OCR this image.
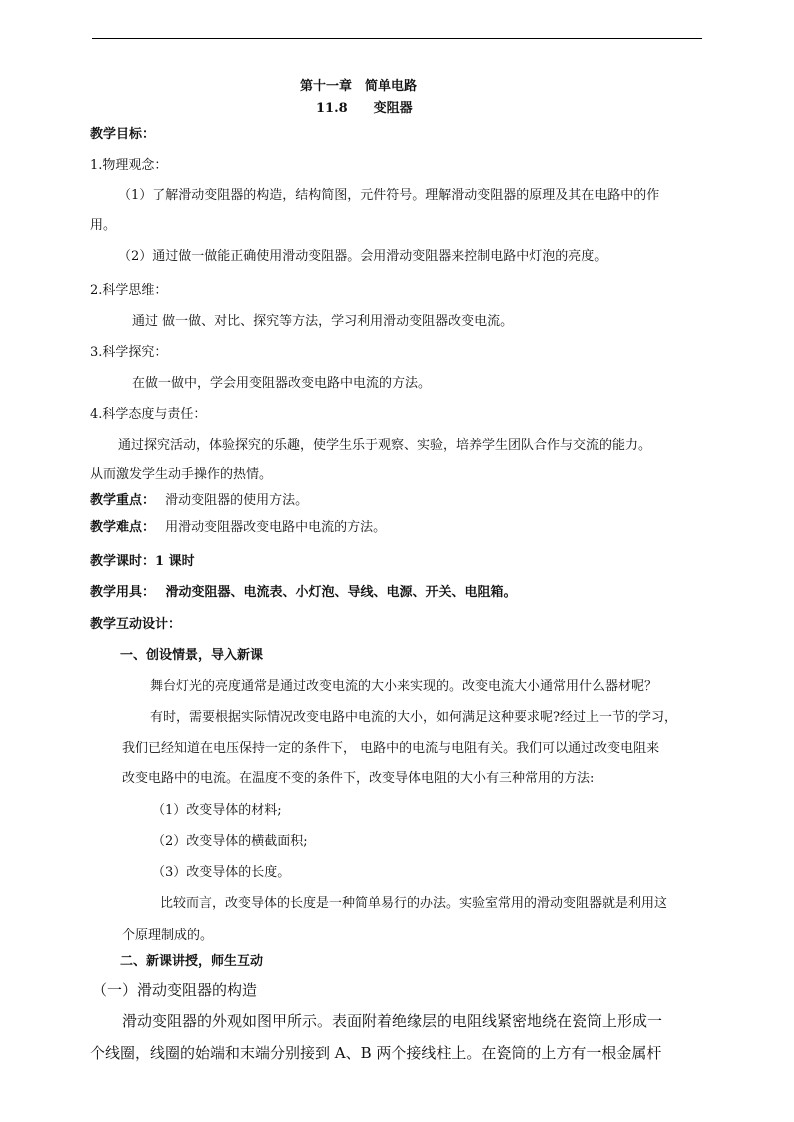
第十一章　简单电路
11.8　　变阻器
教学目标：
1.物理观念：
（1）了解滑动变阻器的构造，结构简图，元件符号。理解滑动变阻器的原理及其在电路中的作
用。
（2）通过做一做能正确使用滑动变阻器。会用滑动变阻器来控制电路中灯泡的亮度。
2.科学思维：
通过 做一做、对比、探究等方法，学习利用滑动变阻器改变电流。
3.科学探究：
在做一做中，学会用变阻器改变电路中电流的方法。
4.科学态度与责任：
通过探究活动，体验探究的乐趣，使学生乐于观察、实验，培养学生团队合作与交流的能力。
从而激发学生动手操作的热情。
教学重点： 滑动变阻器的使用方法。
教学难点： 用滑动变阻器改变电路中电流的方法。
教学课时：1 课时
教学用具： 滑动变阻器、电流表、小灯泡、导线、电源、开关、电阻箱。
教学互动设计：
一、创设情景，导入新课
舞台灯光的亮度通常是通过改变电流的大小来实现的。改变电流大小通常用什么器材呢？
有时，需要根据实际情况改变电路中电流的大小，如何满足这种要求呢?经过上一节的学习，
我们已经知道在电压保持一定的条件下， 电路中的电流与电阻有关。我们可以通过改变电阻来
改变电路中的电流。在温度不变的条件下，改变导体电阻的大小有三种常用的方法:
（1）改变导体的材料;
（2）改变导体的横截面积;
（3）改变导体的长度。
比较而言，改变导体的长度是一种简单易行的办法。实验室常用的滑动变阻器就是利用这
个原理制成的。
二、新课讲授，师生互动
（一）滑动变阻器的构造
滑动变阻器的外观如图甲所示。表面附着绝缘层的电阻线紧密地绕在瓷筒上形成一
个线圈，线圈的始端和末端分别接到 A、B 两个接线柱上。在瓷筒的上方有一根金属杆
